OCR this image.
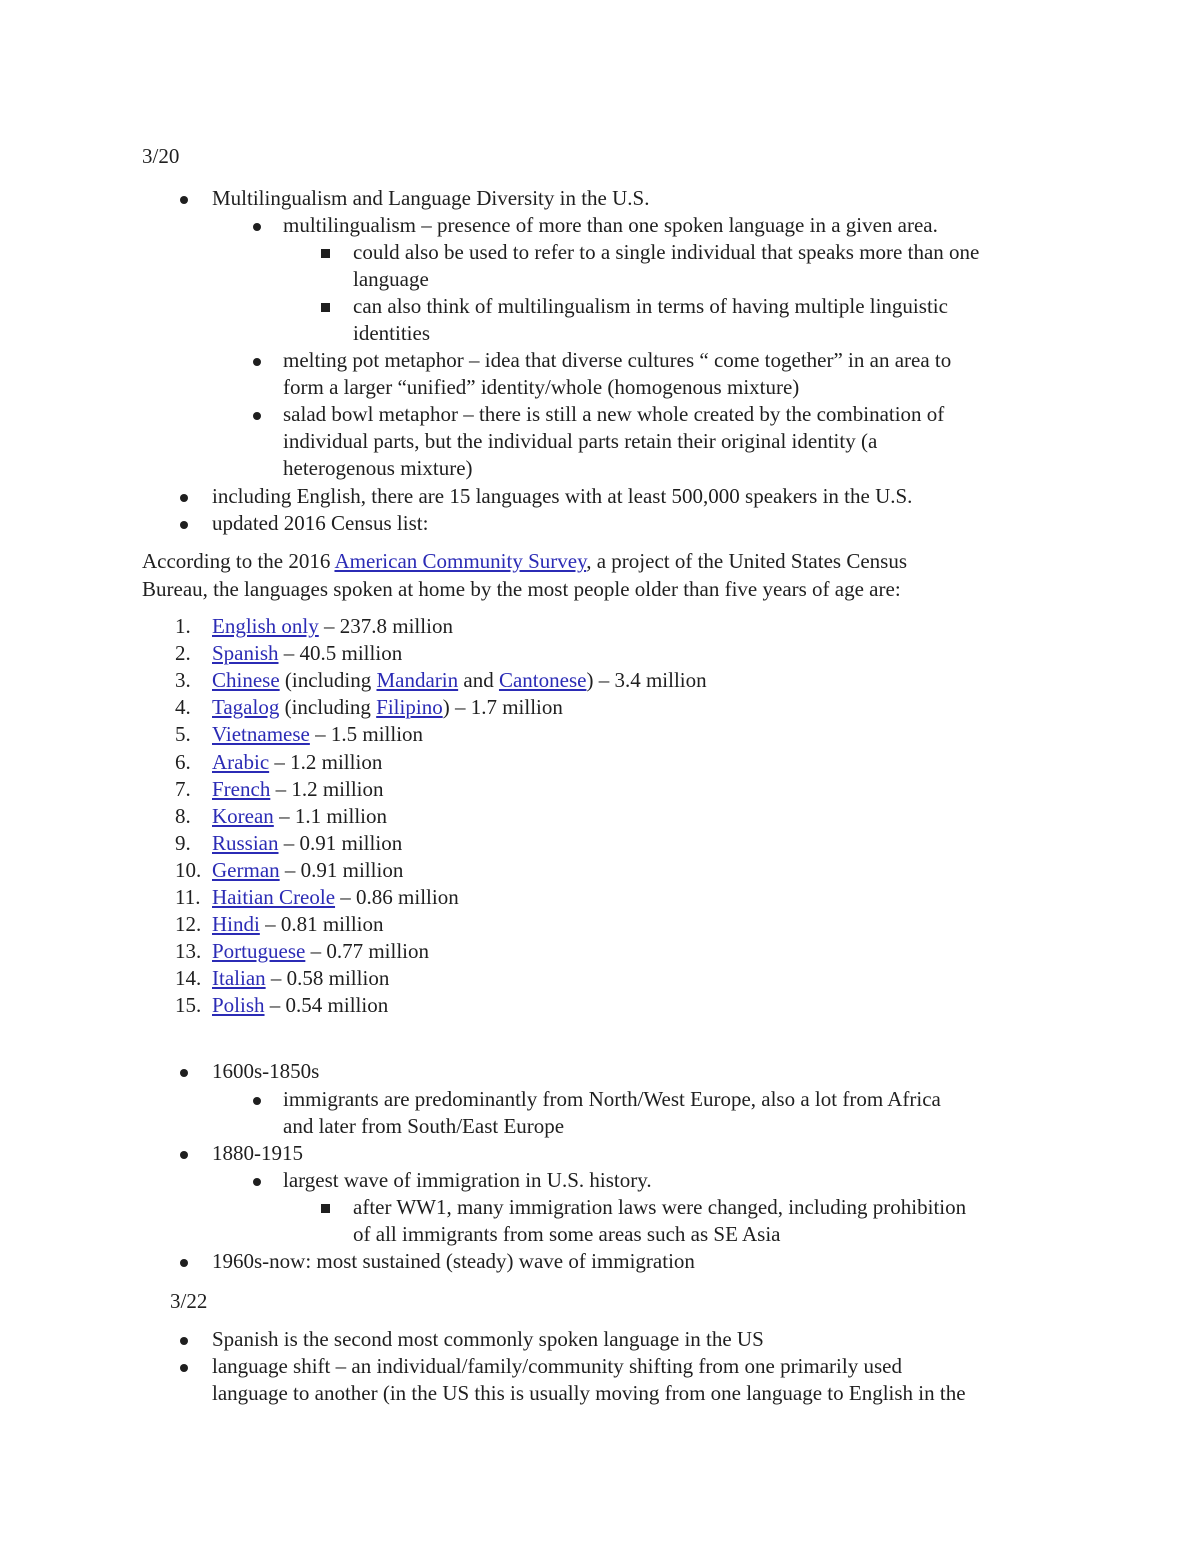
3/20
Multilingualism and Language Diversity in the U.S.
multilingualism – presence of more than one spoken language in a given area.
could also be used to refer to a single individual that speaks more than one
language
can also think of multilingualism in terms of having multiple linguistic
identities
melting pot metaphor – idea that diverse cultures “ come together” in an area to
form a larger “unified” identity/whole (homogenous mixture)
salad bowl metaphor – there is still a new whole created by the combination of
individual parts, but the individual parts retain their original identity (a
heterogenous mixture)
including English, there are 15 languages with at least 500,000 speakers in the U.S.
updated 2016 Census list:
According to the 2016 American Community Survey, a project of the United States Census
Bureau, the languages spoken at home by the most people older than five years of age are:
1. English only – 237.8 million
2. Spanish – 40.5 million
3. Chinese (including Mandarin and Cantonese) – 3.4 million
4. Tagalog (including Filipino) – 1.7 million
5. Vietnamese – 1.5 million
6. Arabic – 1.2 million
7. French – 1.2 million
8. Korean – 1.1 million
9. Russian – 0.91 million
10. German – 0.91 million
11. Haitian Creole – 0.86 million
12. Hindi – 0.81 million
13. Portuguese – 0.77 million
14. Italian – 0.58 million
15. Polish – 0.54 million
1600s-1850s
immigrants are predominantly from North/West Europe, also a lot from Africa
and later from South/East Europe
1880-1915
largest wave of immigration in U.S. history.
after WW1, many immigration laws were changed, including prohibition
of all immigrants from some areas such as SE Asia
1960s-now: most sustained (steady) wave of immigration
3/22
Spanish is the second most commonly spoken language in the US
language shift – an individual/family/community shifting from one primarily used
language to another (in the US this is usually moving from one language to English in the
